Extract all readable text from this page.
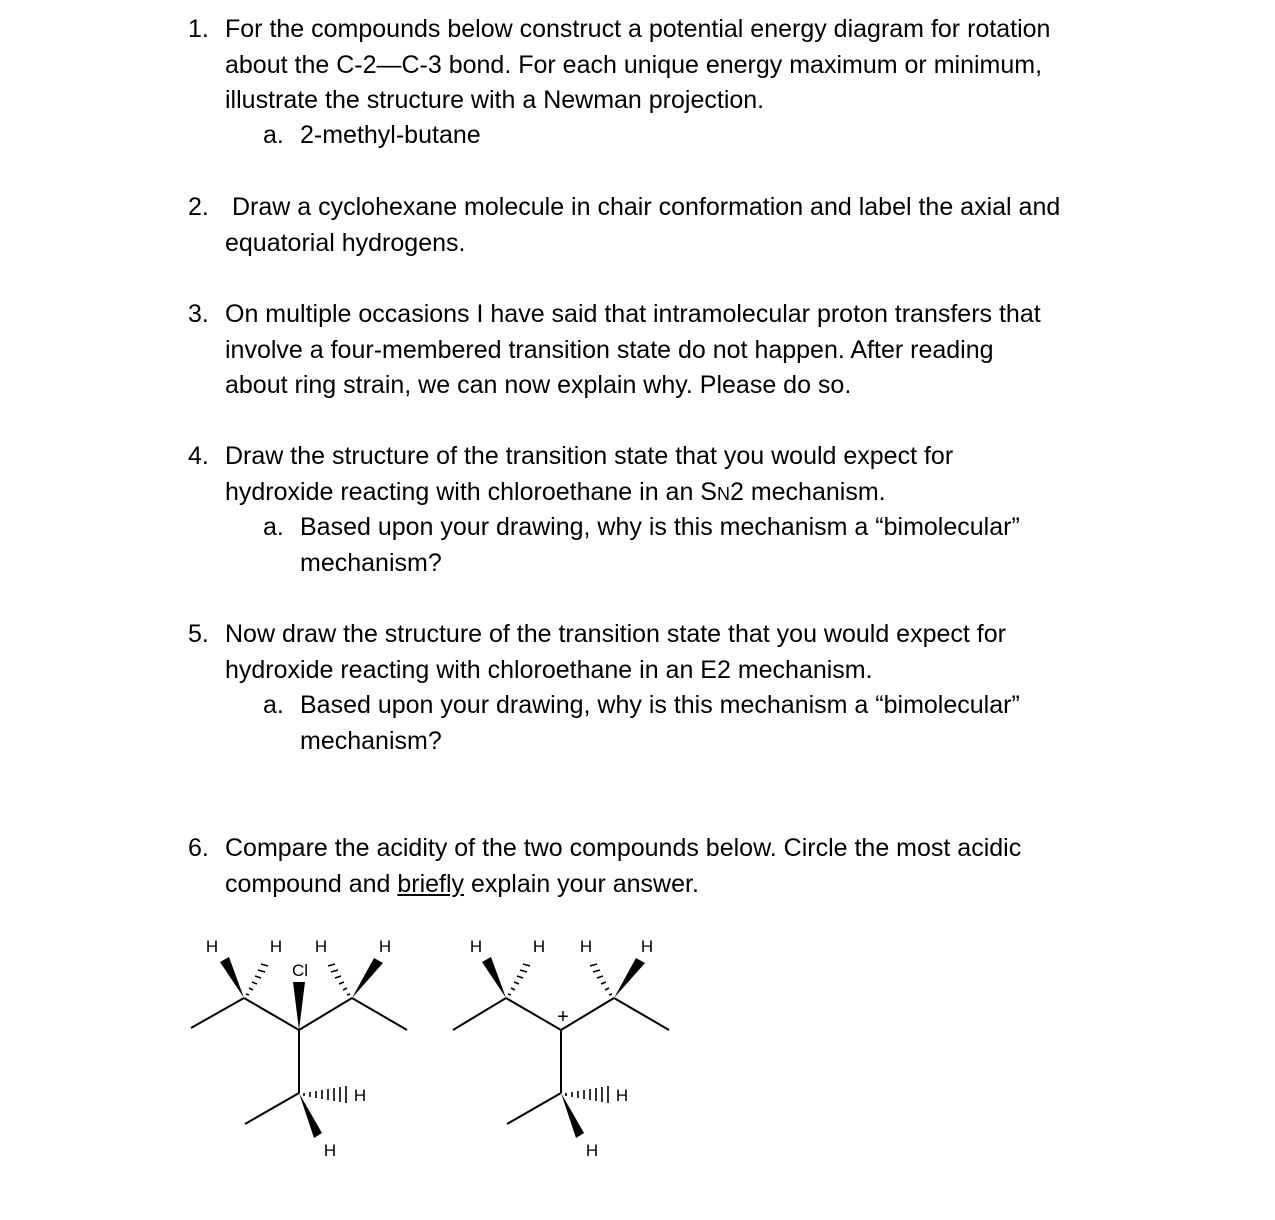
1. For the compounds below construct a potential energy diagram for rotation
about the C-2—C-3 bond. For each unique energy maximum or minimum,
illustrate the structure with a Newman projection.
a. 2-methyl-butane
2. Draw a cyclohexane molecule in chair conformation and label the axial and
equatorial hydrogens.
3. On multiple occasions I have said that intramolecular proton transfers that
involve a four-membered transition state do not happen. After reading
about ring strain, we can now explain why. Please do so.
4. Draw the structure of the transition state that you would expect for
hydroxide reacting with chloroethane in an SN2 mechanism.
a. Based upon your drawing, why is this mechanism a “bimolecular”
mechanism?
5. Now draw the structure of the transition state that you would expect for
hydroxide reacting with chloroethane in an E2 mechanism.
a. Based upon your drawing, why is this mechanism a “bimolecular”
mechanism?
6. Compare the acidity of the two compounds below. Circle the most acidic
compound and briefly explain your answer.
H	H H	H
Cl
H
H
H	H H	H
+
H
H
